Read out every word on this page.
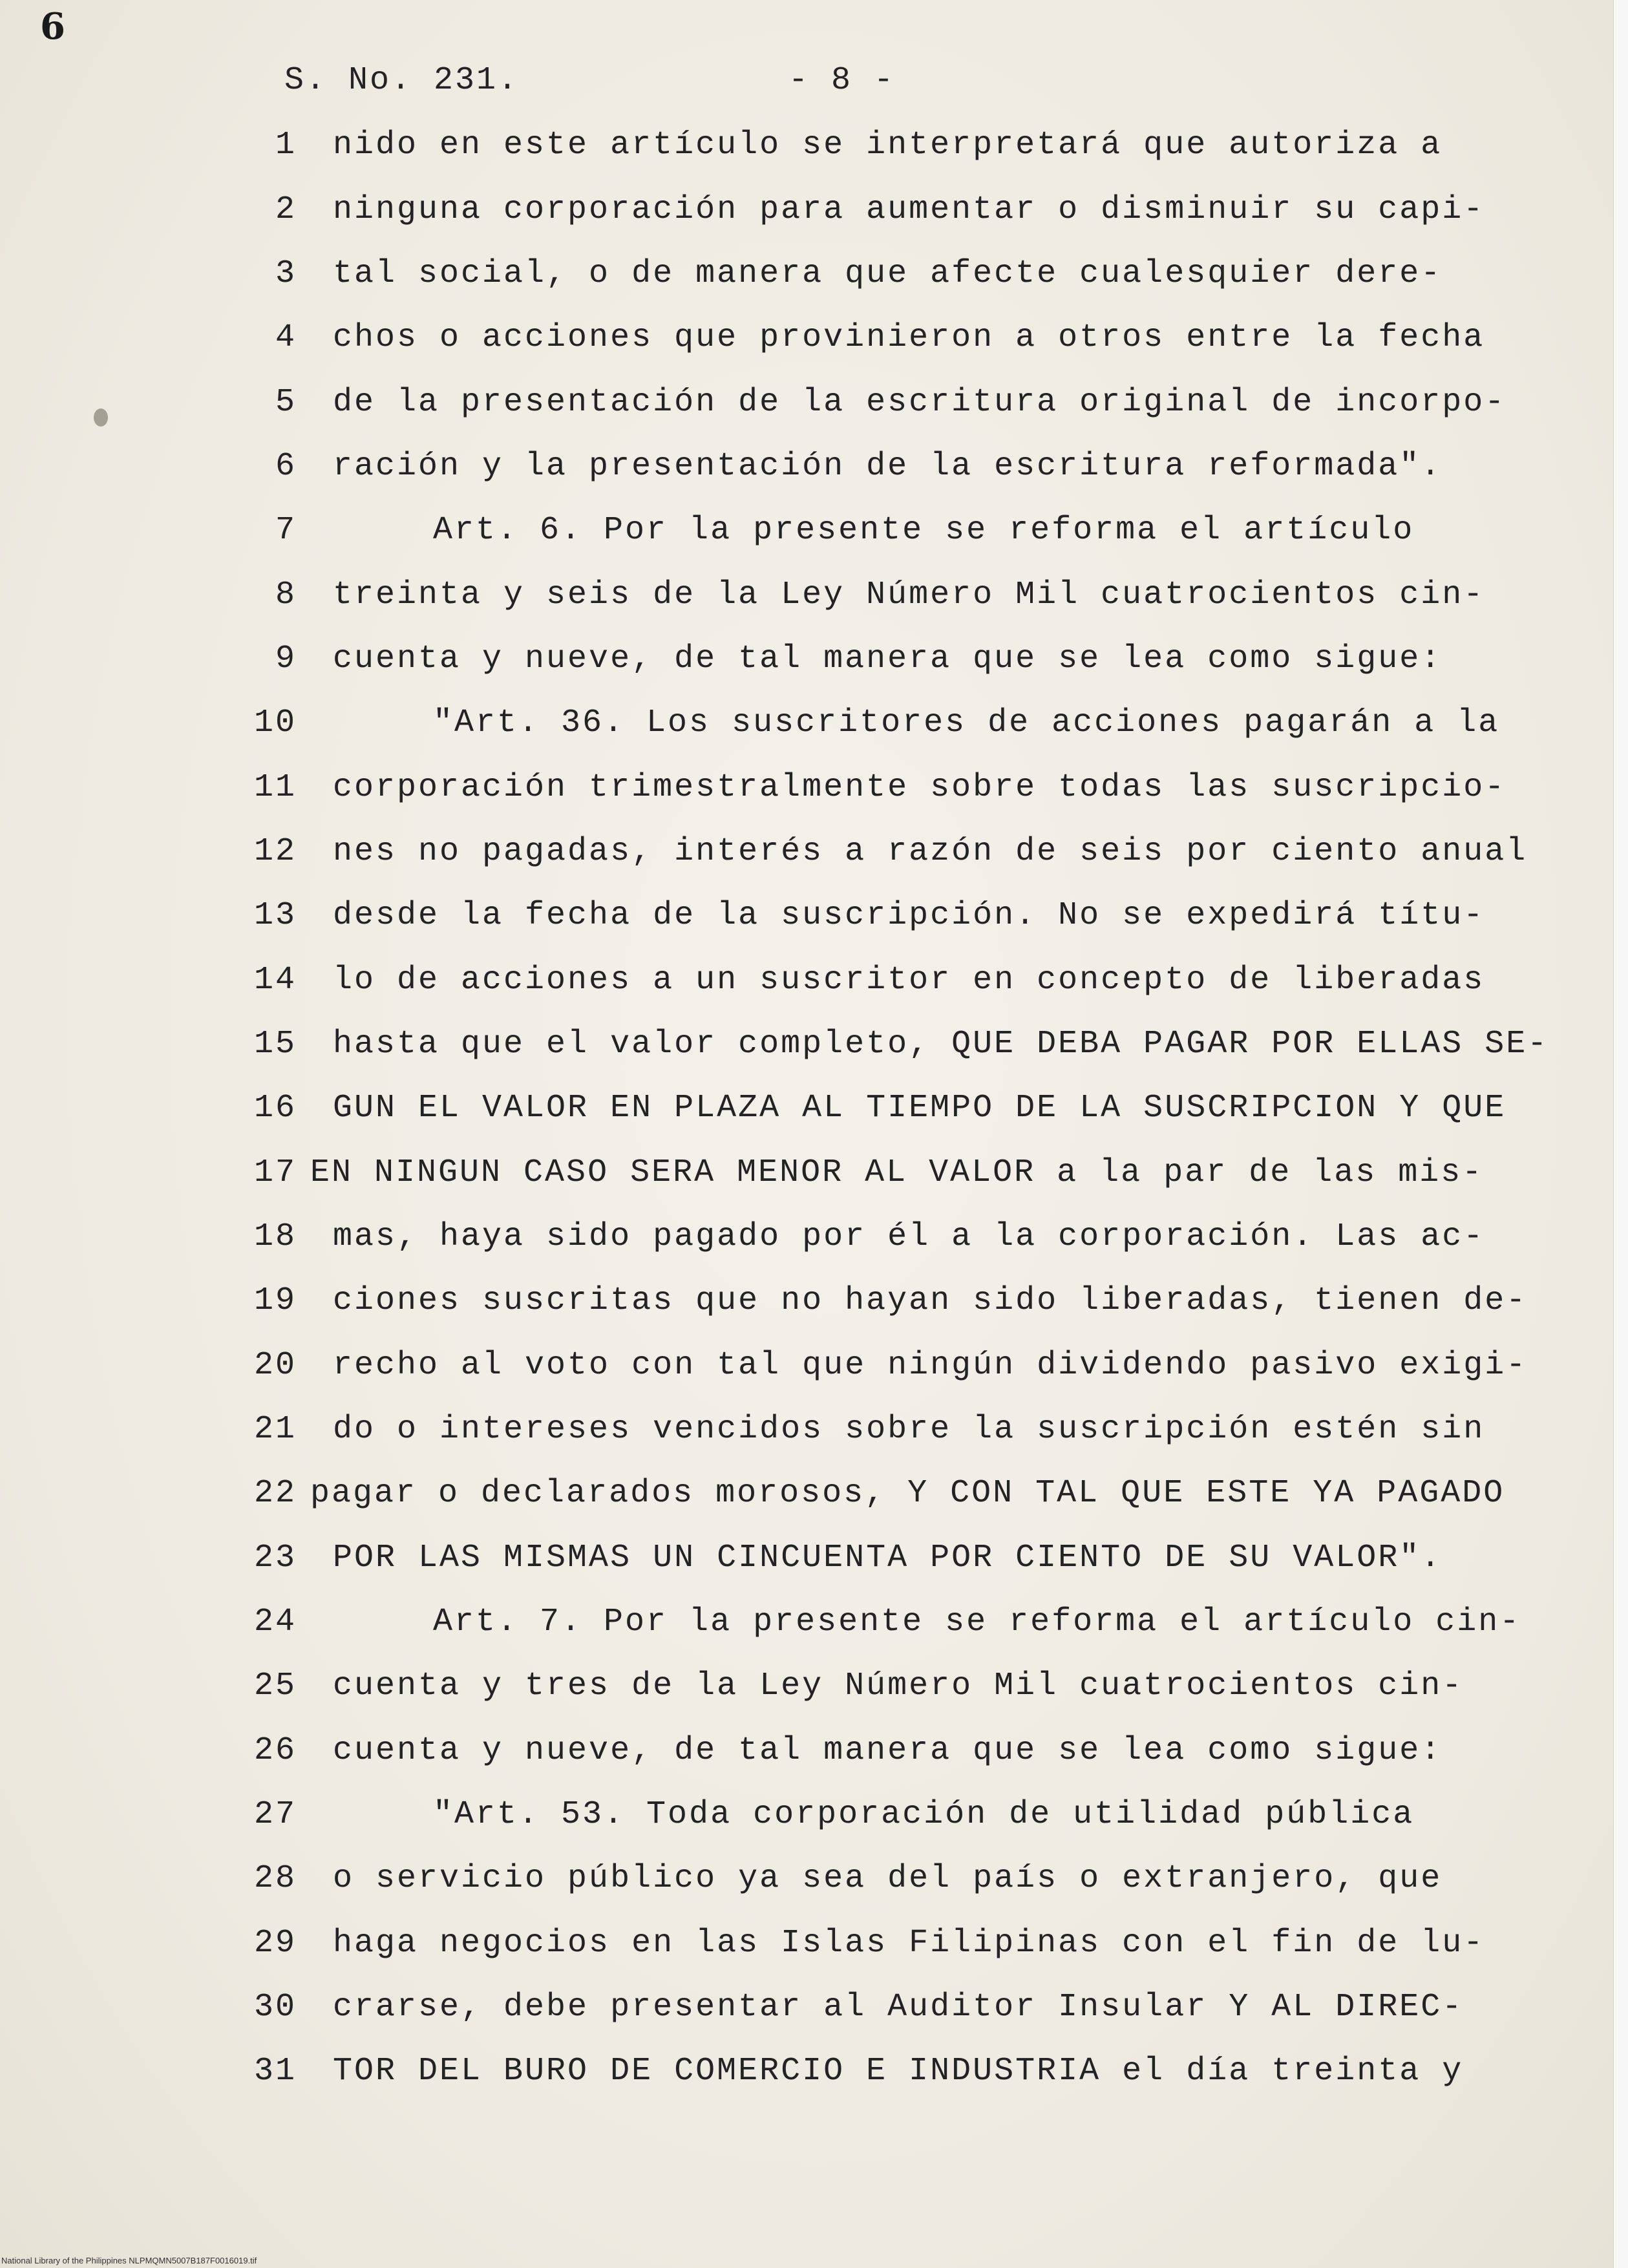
6
S. No. 231.	- 8 -
1 nido en este artículo se interpretará que autoriza a
2 ninguna corporación para aumentar o disminuir su capi-
3 tal social, o de manera que afecte cualesquier dere-
4 chos o acciones que provinieron a otros entre la fecha
5 de la presentación de la escritura original de incorpo-
6 ración y la presentación de la escritura reformada".
7	Art. 6. Por la presente se reforma el artículo
8 treinta y seis de la Ley Número Mil cuatrocientos cin-
9 cuenta y nueve, de tal manera que se lea como sigue:
10	"Art. 36. Los suscritores de acciones pagarán a la
11 corporación trimestralmente sobre todas las suscripcio-
12 nes no pagadas, interés a razón de seis por ciento anual
13 desde la fecha de la suscripción. No se expedirá títu-
14 lo de acciones a un suscritor en concepto de liberadas
15 hasta que el valor completo, QUE DEBA PAGAR POR ELLAS SE-
16 GUN EL VALOR EN PLAZA AL TIEMPO DE LA SUSCRIPCION Y QUE
17 EN NINGUN CASO SERA MENOR AL VALOR a la par de las mis-
18 mas, haya sido pagado por él a la corporación. Las ac-
19 ciones suscritas que no hayan sido liberadas, tienen de-
20 recho al voto con tal que ningún dividendo pasivo exigi-
21 do o intereses vencidos sobre la suscripción estén sin
22 pagar o declarados morosos, Y CON TAL QUE ESTE YA PAGADO
23 POR LAS MISMAS UN CINCUENTA POR CIENTO DE SU VALOR".
24	Art. 7. Por la presente se reforma el artículo cin-
25 cuenta y tres de la Ley Número Mil cuatrocientos cin-
26 cuenta y nueve, de tal manera que se lea como sigue:
27	"Art. 53. Toda corporación de utilidad pública
28 o servicio público ya sea del país o extranjero, que
29 haga negocios en las Islas Filipinas con el fin de lu-
30 crarse, debe presentar al Auditor Insular Y AL DIREC-
31 TOR DEL BURO DE COMERCIO E INDUSTRIA el día treinta y
National Library of the Philippines NLPMQMN5007B187F0016019.tif
